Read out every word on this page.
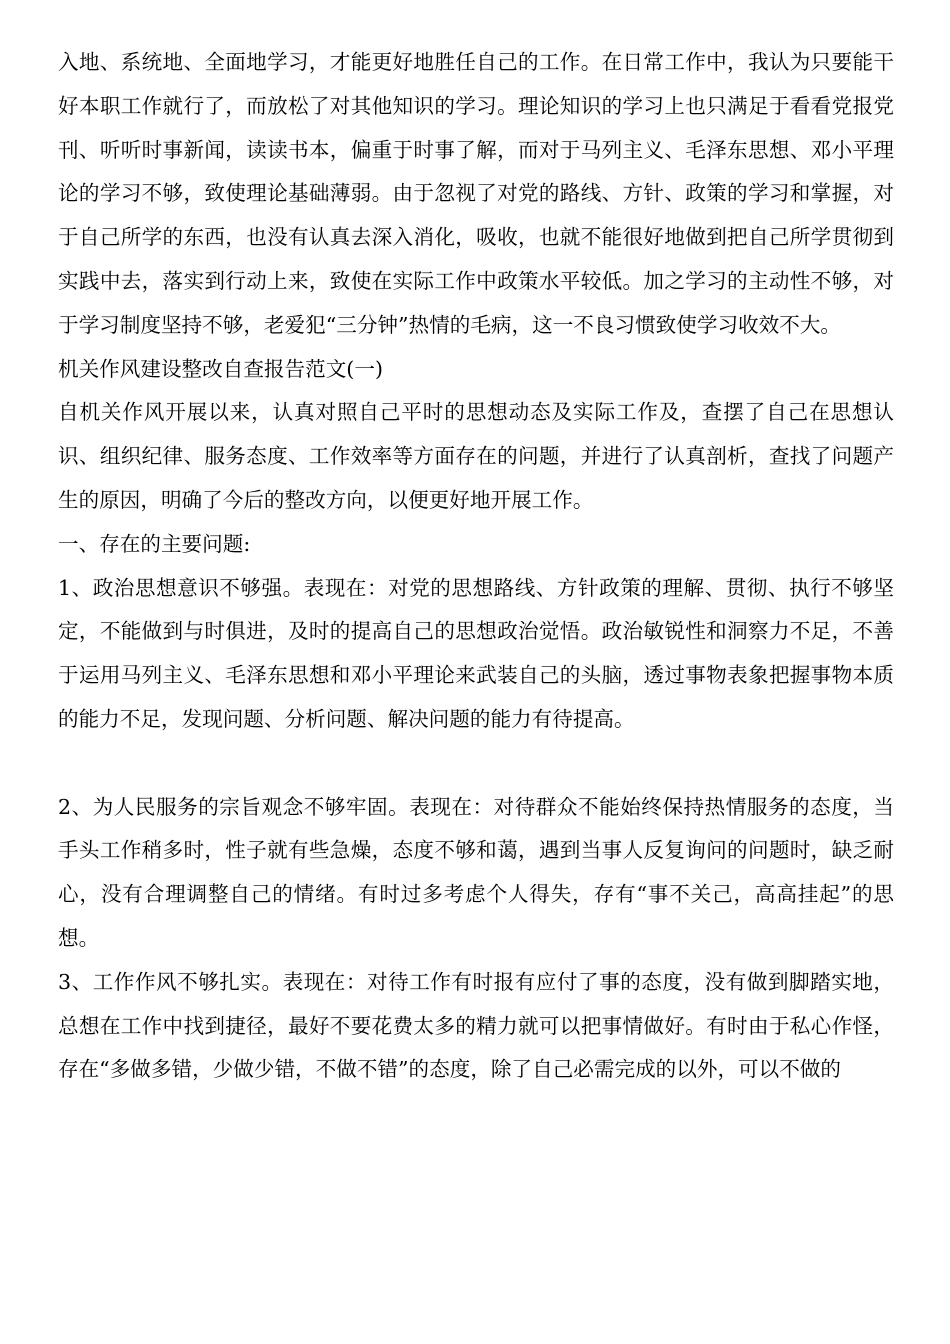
入地、系统地、全面地学习，才能更好地胜任自己的工作。在日常工作中，我认为只要能干好本职工作就行了，而放松了对其他知识的学习。理论知识的学习上也只满足于看看党报党刊、听听时事新闻，读读书本，偏重于时事了解，而对于马列主义、毛泽东思想、邓小平理论的学习不够，致使理论基础薄弱。由于忽视了对党的路线、方针、政策的学习和掌握，对于自己所学的东西，也没有认真去深入消化，吸收，也就不能很好地做到把自己所学贯彻到实践中去，落实到行动上来，致使在实际工作中政策水平较低。加之学习的主动性不够，对于学习制度坚持不够，老爱犯“三分钟”热情的毛病，这一不良习惯致使学习收效不大。

机关作风建设整改自查报告范文(一)

自机关作风开展以来，认真对照自己平时的思想动态及实际工作及，查摆了自己在思想认识、组织纪律、服务态度、工作效率等方面存在的问题，并进行了认真剖析，查找了问题产生的原因，明确了今后的整改方向，以便更好地开展工作。

一、存在的主要问题:

1、政治思想意识不够强。表现在：对党的思想路线、方针政策的理解、贯彻、执行不够坚定，不能做到与时俱进，及时的提高自己的思想政治觉悟。政治敏锐性和洞察力不足，不善于运用马列主义、毛泽东思想和邓小平理论来武装自己的头脑，透过事物表象把握事物本质的能力不足，发现问题、分析问题、解决问题的能力有待提高。

2、为人民服务的宗旨观念不够牢固。表现在：对待群众不能始终保持热情服务的态度，当手头工作稍多时，性子就有些急燥，态度不够和蔼，遇到当事人反复询问的问题时，缺乏耐心，没有合理调整自己的情绪。有时过多考虑个人得失，存有“事不关己，高高挂起”的思想。

3、工作作风不够扎实。表现在：对待工作有时报有应付了事的态度，没有做到脚踏实地，总想在工作中找到捷径，最好不要花费太多的精力就可以把事情做好。有时由于私心作怪，存在“多做多错，少做少错，不做不错”的态度，除了自己必需完成的以外，可以不做的
